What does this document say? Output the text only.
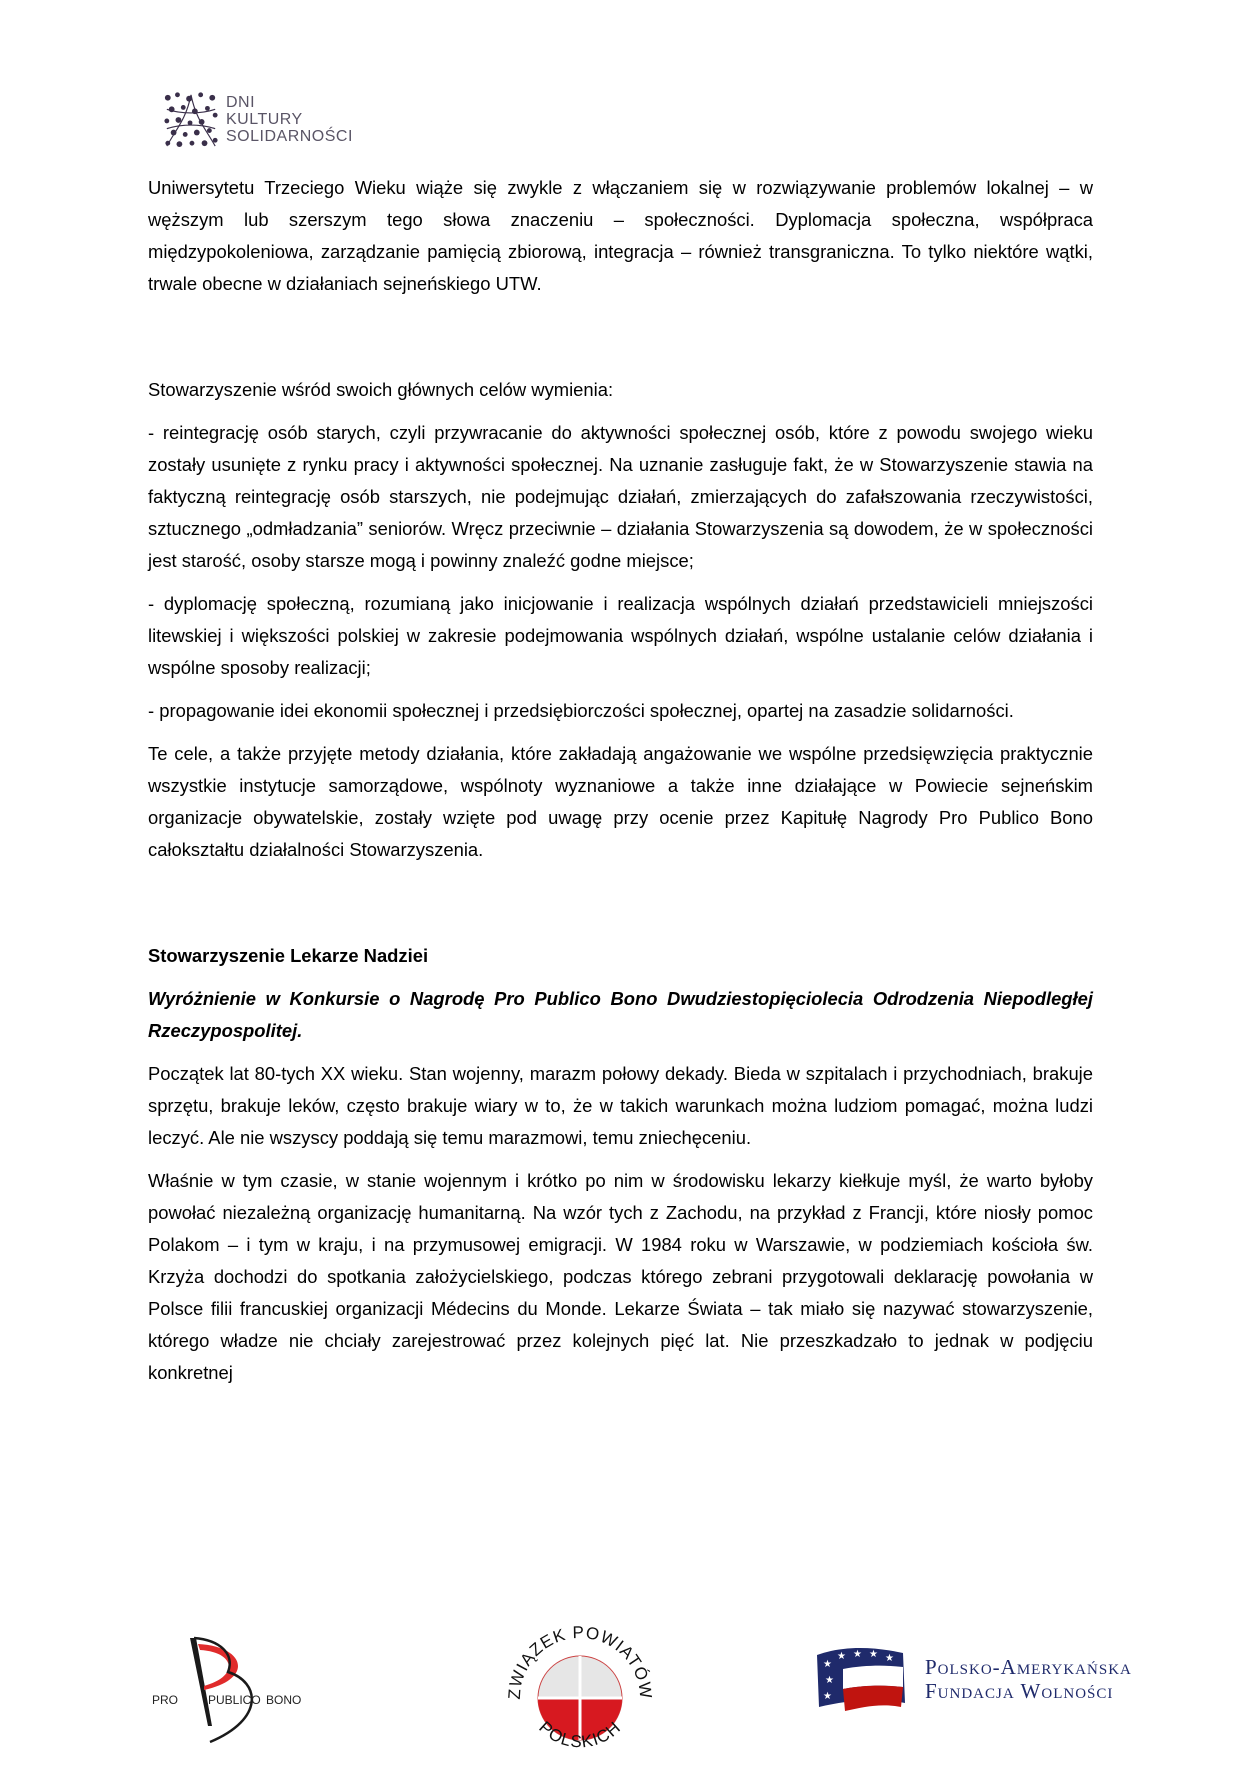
DNI
KULTURY
SOLIDARNOŚCI

Uniwersytetu Trzeciego Wieku wiąże się zwykle z włączaniem się w rozwiązywanie problemów lokalnej – w węższym lub szerszym tego słowa znaczeniu – społeczności. Dyplomacja społeczna, współpraca międzypokoleniowa, zarządzanie pamięcią zbiorową, integracja – również transgraniczna. To tylko niektóre wątki, trwale obecne w działaniach sejneńskiego UTW.

Stowarzyszenie wśród swoich głównych celów wymienia:

- reintegrację osób starych, czyli przywracanie do aktywności społecznej osób, które z powodu swojego wieku zostały usunięte z rynku pracy i aktywności społecznej. Na uznanie zasługuje fakt, że w Stowarzyszenie stawia na faktyczną reintegrację osób starszych, nie podejmując działań, zmierzających do zafałszowania rzeczywistości, sztucznego „odmładzania” seniorów. Wręcz przeciwnie – działania Stowarzyszenia są dowodem, że w społeczności jest starość, osoby starsze mogą i powinny znaleźć godne miejsce;

- dyplomację społeczną, rozumianą jako inicjowanie i realizacja wspólnych działań przedstawicieli mniejszości litewskiej i większości polskiej w zakresie podejmowania wspólnych działań, wspólne ustalanie celów działania i wspólne sposoby realizacji;

- propagowanie idei ekonomii społecznej i przedsiębiorczości społecznej, opartej na zasadzie solidarności.

Te cele, a także przyjęte metody działania, które zakładają angażowanie we wspólne przedsięwzięcia praktycznie wszystkie instytucje samorządowe, wspólnoty wyznaniowe a także inne działające w Powiecie sejneńskim organizacje obywatelskie, zostały wzięte pod uwagę przy ocenie przez Kapitułę Nagrody Pro Publico Bono całokształtu działalności Stowarzyszenia.

Stowarzyszenie Lekarze Nadziei

Wyróżnienie w Konkursie o Nagrodę Pro Publico Bono Dwudziestopięciolecia Odrodzenia Niepodległej Rzeczypospolitej.

Początek lat 80-tych XX wieku. Stan wojenny, marazm połowy dekady. Bieda w szpitalach i przychodniach, brakuje sprzętu, brakuje leków, często brakuje wiary w to, że w takich warunkach można ludziom pomagać, można ludzi leczyć. Ale nie wszyscy poddają się temu marazmowi, temu zniechęceniu.

Właśnie w tym czasie, w stanie wojennym i krótko po nim w środowisku lekarzy kiełkuje myśl, że warto byłoby powołać niezależną organizację humanitarną. Na wzór tych z Zachodu, na przykład z Francji, które niosły pomoc Polakom – i tym w kraju, i na przymusowej emigracji. W 1984 roku w Warszawie, w podziemiach kościoła św. Krzyża dochodzi do spotkania założycielskiego, podczas którego zebrani przygotowali deklarację powołania w Polsce filii francuskiej organizacji Médecins du Monde. Lekarze Świata – tak miało się nazywać stowarzyszenie, którego władze nie chciały zarejestrować przez kolejnych pięć lat. Nie przeszkadzało to jednak w podjęciu konkretnej

PRO PUBLICO BONO	ZWIĄZEK POWIATÓW
POLSKICH
★
★ ★ ★ ★
★
★
Polsko-Amerykańska
Fundacja Wolności
